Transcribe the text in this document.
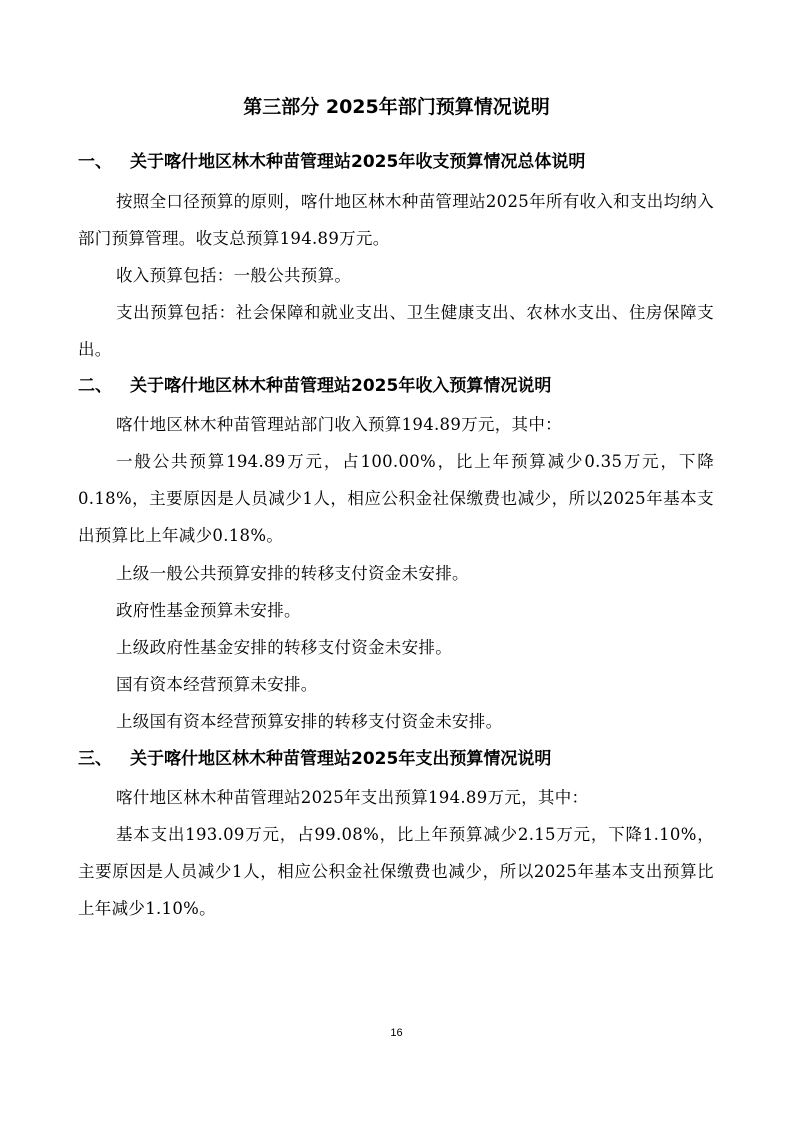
第三部分 2025年部门预算情况说明
一、 关于喀什地区林木种苗管理站2025年收支预算情况总体说明
按照全口径预算的原则，喀什地区林木种苗管理站2025年所有收入和支出均纳入部门预算管理。收支总预算194.89万元。
收入预算包括：一般公共预算。
支出预算包括：社会保障和就业支出、卫生健康支出、农林水支出、住房保障支出。
二、 关于喀什地区林木种苗管理站2025年收入预算情况说明
喀什地区林木种苗管理站部门收入预算194.89万元，其中：
一般公共预算194.89万元，占100.00%，比上年预算减少0.35万元，下降0.18%，主要原因是人员减少1人，相应公积金社保缴费也减少，所以2025年基本支出预算比上年减少0.18%。
上级一般公共预算安排的转移支付资金未安排。
政府性基金预算未安排。
上级政府性基金安排的转移支付资金未安排。
国有资本经营预算未安排。
上级国有资本经营预算安排的转移支付资金未安排。
三、 关于喀什地区林木种苗管理站2025年支出预算情况说明
喀什地区林木种苗管理站2025年支出预算194.89万元，其中：
基本支出193.09万元，占99.08%，比上年预算减少2.15万元，下降1.10%，主要原因是人员减少1人，相应公积金社保缴费也减少，所以2025年基本支出预算比上年减少1.10%。
16
